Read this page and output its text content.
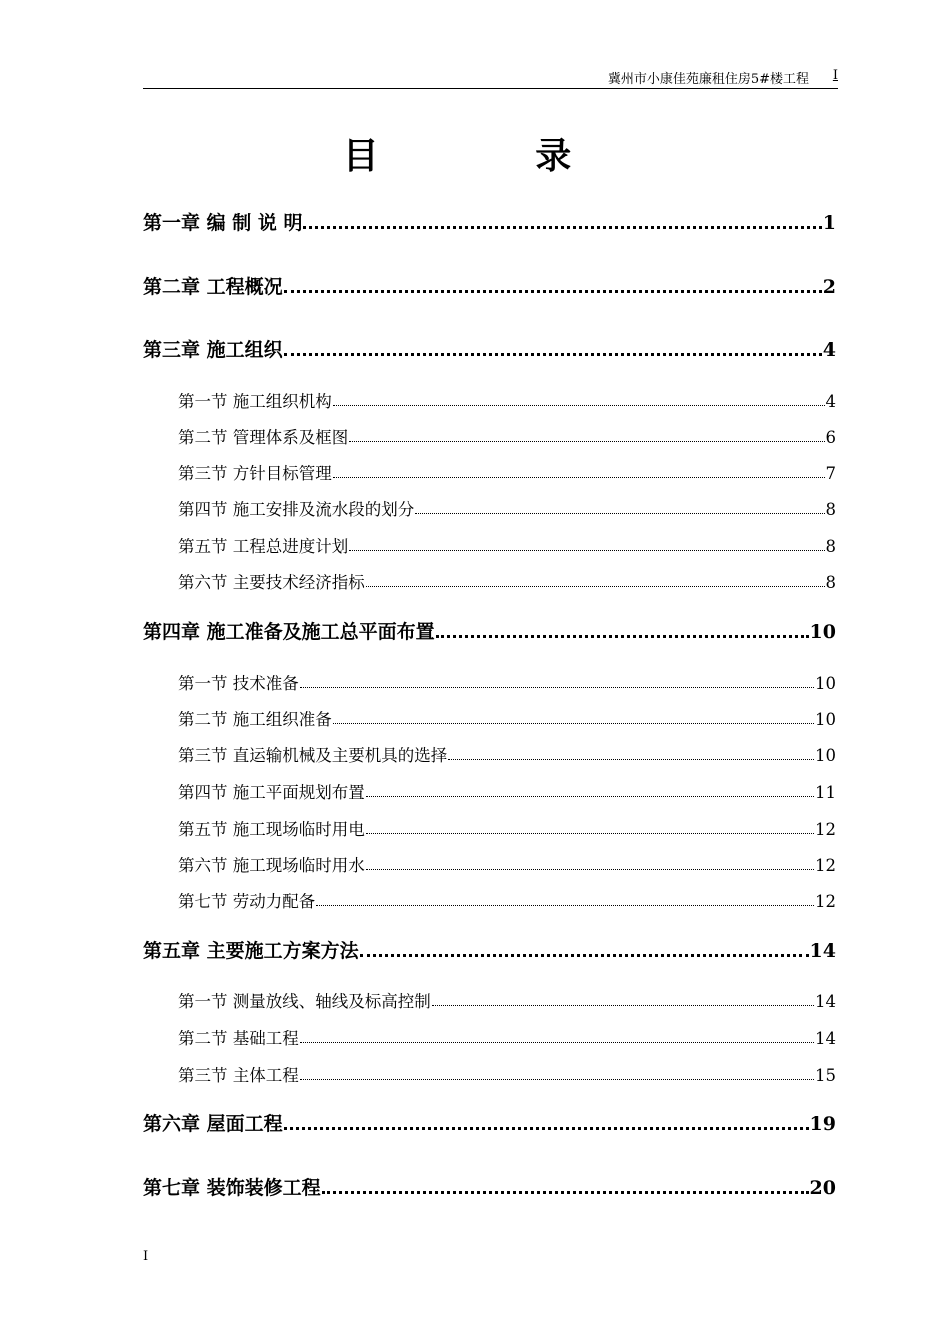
冀州市小康佳苑廉租住房5#楼工程 I
目 录
第一章 编 制 说 明	1
第二章 工程概况	2
第三章 施工组织	4
第一节 施工组织机构	4
第二节 管理体系及框图	6
第三节 方针目标管理	7
第四节 施工安排及流水段的划分	8
第五节 工程总进度计划	8
第六节 主要技术经济指标	8
第四章 施工准备及施工总平面布置	10
第一节 技术准备	10
第二节 施工组织准备	10
第三节 直运输机械及主要机具的选择	10
第四节 施工平面规划布置	11
第五节 施工现场临时用电	12
第六节 施工现场临时用水	12
第七节 劳动力配备	12
第五章 主要施工方案方法	14
第一节 测量放线、轴线及标高控制	14
第二节 基础工程	14
第三节 主体工程	15
第六章 屋面工程	19
第七章 装饰装修工程	20
I
